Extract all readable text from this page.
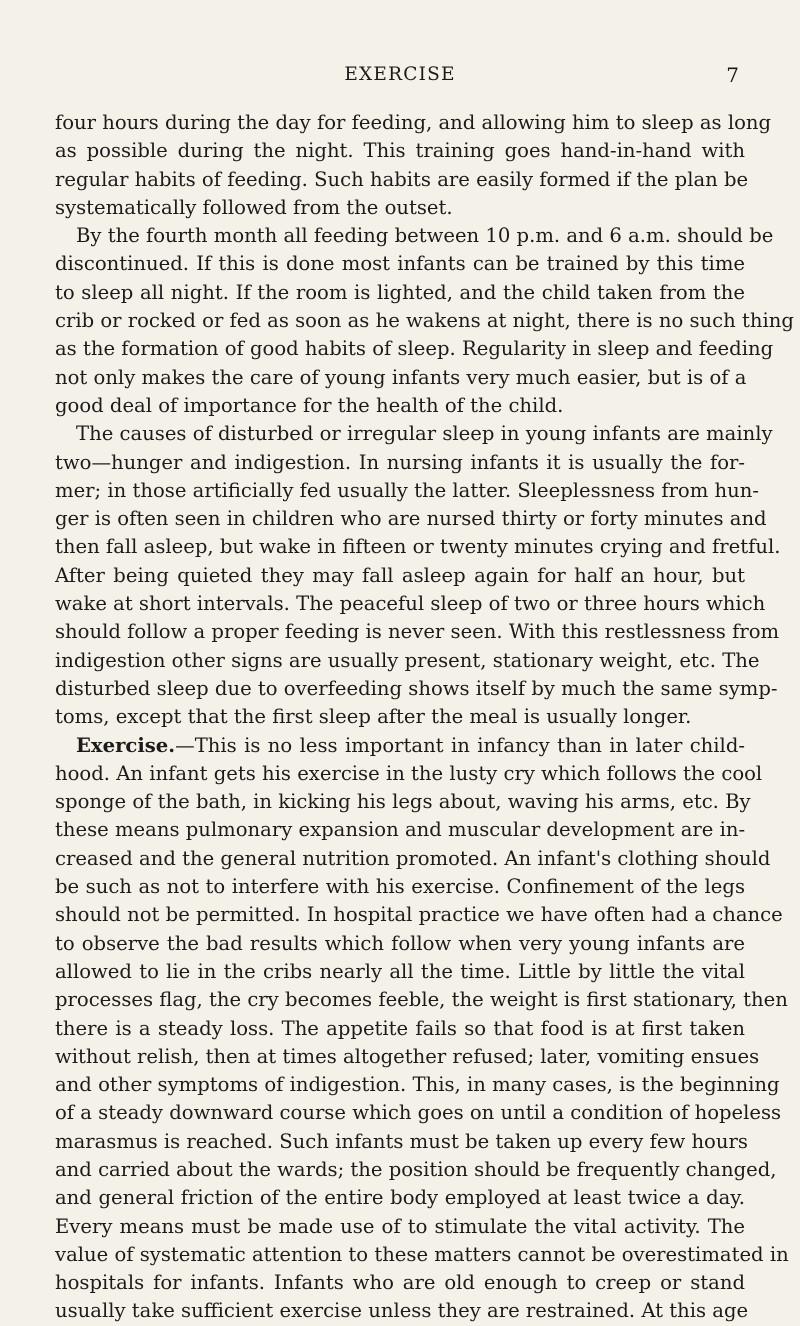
EXERCISE	7
four hours during the day for feeding, and allowing him to sleep as long
as possible during the night. This training goes hand-in-hand with
regular habits of feeding. Such habits are easily formed if the plan be
systematically followed from the outset.
By the fourth month all feeding between 10 p.m. and 6 a.m. should be
discontinued. If this is done most infants can be trained by this time
to sleep all night. If the room is lighted, and the child taken from the
crib or rocked or fed as soon as he wakens at night, there is no such thing
as the formation of good habits of sleep. Regularity in sleep and feeding
not only makes the care of young infants very much easier, but is of a
good deal of importance for the health of the child.
The causes of disturbed or irregular sleep in young infants are mainly
two—hunger and indigestion. In nursing infants it is usually the for-
mer; in those artificially fed usually the latter. Sleeplessness from hun-
ger is often seen in children who are nursed thirty or forty minutes and
then fall asleep, but wake in fifteen or twenty minutes crying and fretful.
After being quieted they may fall asleep again for half an hour, but
wake at short intervals. The peaceful sleep of two or three hours which
should follow a proper feeding is never seen. With this restlessness from
indigestion other signs are usually present, stationary weight, etc. The
disturbed sleep due to overfeeding shows itself by much the same symp-
toms, except that the first sleep after the meal is usually longer.
Exercise.—This is no less important in infancy than in later child-
hood. An infant gets his exercise in the lusty cry which follows the cool
sponge of the bath, in kicking his legs about, waving his arms, etc. By
these means pulmonary expansion and muscular development are in-
creased and the general nutrition promoted. An infant's clothing should
be such as not to interfere with his exercise. Confinement of the legs
should not be permitted. In hospital practice we have often had a chance
to observe the bad results which follow when very young infants are
allowed to lie in the cribs nearly all the time. Little by little the vital
processes flag, the cry becomes feeble, the weight is first stationary, then
there is a steady loss. The appetite fails so that food is at first taken
without relish, then at times altogether refused; later, vomiting ensues
and other symptoms of indigestion. This, in many cases, is the beginning
of a steady downward course which goes on until a condition of hopeless
marasmus is reached. Such infants must be taken up every few hours
and carried about the wards; the position should be frequently changed,
and general friction of the entire body employed at least twice a day.
Every means must be made use of to stimulate the vital activity. The
value of systematic attention to these matters cannot be overestimated in
hospitals for infants. Infants who are old enough to creep or stand
usually take sufficient exercise unless they are restrained. At this age
